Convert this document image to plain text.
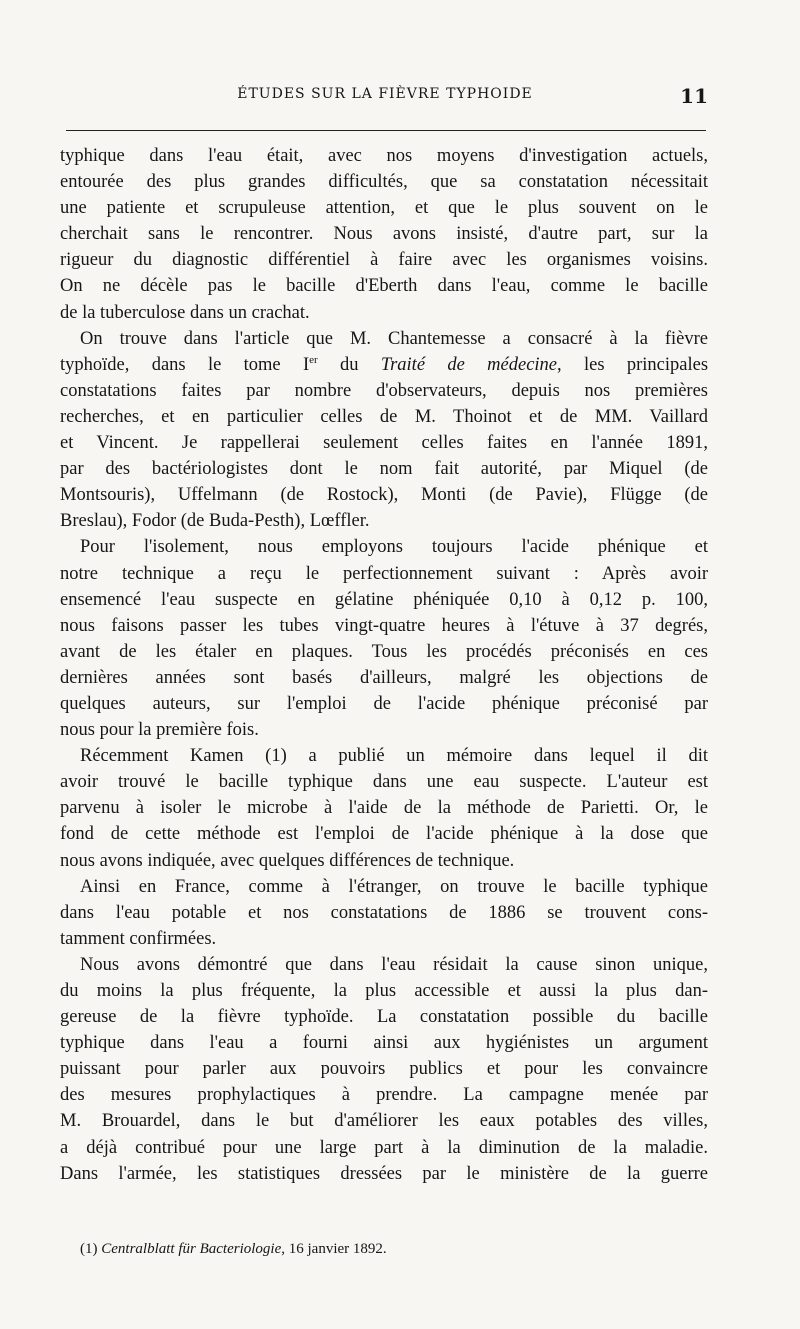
ÉTUDES SUR LA FIÈVRE TYPHOIDE	11
typhique dans l'eau était, avec nos moyens d'investigation actuels,
entourée des plus grandes difficultés, que sa constatation nécessitait
une patiente et scrupuleuse attention, et que le plus souvent on le
cherchait sans le rencontrer. Nous avons insisté, d'autre part, sur la
rigueur du diagnostic différentiel à faire avec les organismes voisins.
On ne décèle pas le bacille d'Eberth dans l'eau, comme le bacille
de la tuberculose dans un crachat.
On trouve dans l'article que M. Chantemesse a consacré à la fièvre
typhoïde, dans le tome Ier du Traité de médecine, les principales
constatations faites par nombre d'observateurs, depuis nos premières
recherches, et en particulier celles de M. Thoinot et de MM. Vaillard
et Vincent. Je rappellerai seulement celles faites en l'année 1891,
par des bactériologistes dont le nom fait autorité, par Miquel (de
Montsouris), Uffelmann (de Rostock), Monti (de Pavie), Flügge (de
Breslau), Fodor (de Buda-Pesth), Lœffler.
Pour l'isolement, nous employons toujours l'acide phénique et
notre technique a reçu le perfectionnement suivant : Après avoir
ensemencé l'eau suspecte en gélatine phéniquée 0,10 à 0,12 p. 100,
nous faisons passer les tubes vingt-quatre heures à l'étuve à 37 degrés,
avant de les étaler en plaques. Tous les procédés préconisés en ces
dernières années sont basés d'ailleurs, malgré les objections de
quelques auteurs, sur l'emploi de l'acide phénique préconisé par
nous pour la première fois.
Récemment Kamen (1) a publié un mémoire dans lequel il dit
avoir trouvé le bacille typhique dans une eau suspecte. L'auteur est
parvenu à isoler le microbe à l'aide de la méthode de Parietti. Or, le
fond de cette méthode est l'emploi de l'acide phénique à la dose que
nous avons indiquée, avec quelques différences de technique.
Ainsi en France, comme à l'étranger, on trouve le bacille typhique
dans l'eau potable et nos constatations de 1886 se trouvent cons-
tamment confirmées.
Nous avons démontré que dans l'eau résidait la cause sinon unique,
du moins la plus fréquente, la plus accessible et aussi la plus dan-
gereuse de la fièvre typhoïde. La constatation possible du bacille
typhique dans l'eau a fourni ainsi aux hygiénistes un argument
puissant pour parler aux pouvoirs publics et pour les convaincre
des mesures prophylactiques à prendre. La campagne menée par
M. Brouardel, dans le but d'améliorer les eaux potables des villes,
a déjà contribué pour une large part à la diminution de la maladie.
Dans l'armée, les statistiques dressées par le ministère de la guerre
(1) Centralblatt für Bacteriologie, 16 janvier 1892.
